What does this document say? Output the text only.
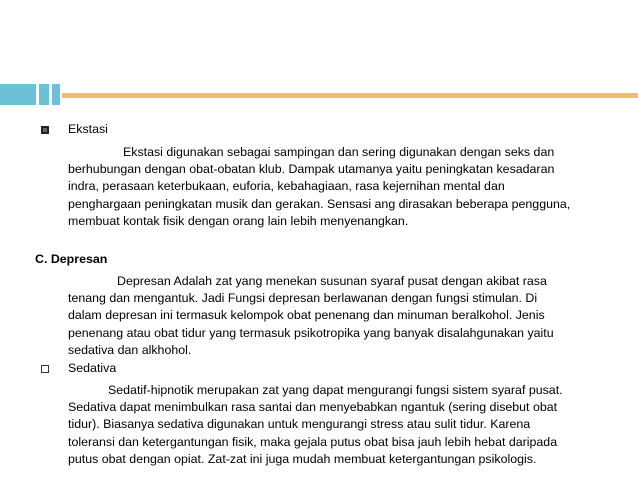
Ekstasi
Ekstasi digunakan sebagai sampingan dan sering digunakan dengan seks dan
berhubungan dengan obat-obatan klub. Dampak utamanya yaitu peningkatan kesadaran
indra, perasaan keterbukaan, euforia, kebahagiaan, rasa kejernihan mental dan
penghargaan peningkatan musik dan gerakan. Sensasi ang dirasakan beberapa pengguna,
membuat kontak fisik dengan orang lain lebih menyenangkan.
C. Depresan
Depresan Adalah zat yang menekan susunan syaraf pusat dengan akibat rasa
tenang dan mengantuk. Jadi Fungsi depresan berlawanan dengan fungsi stimulan. Di
dalam depresan ini termasuk kelompok obat penenang dan minuman beralkohol. Jenis
penenang atau obat tidur yang termasuk psikotropika yang banyak disalahgunakan yaitu
sedativa dan alkhohol.
Sedativa
Sedatif-hipnotik merupakan zat yang dapat mengurangi fungsi sistem syaraf pusat.
Sedativa dapat menimbulkan rasa santai dan menyebabkan ngantuk (sering disebut obat
tidur). Biasanya sedativa digunakan untuk mengurangi stress atau sulit tidur. Karena
toleransi dan ketergantungan fisik, maka gejala putus obat bisa jauh lebih hebat daripada
putus obat dengan opiat. Zat-zat ini juga mudah membuat ketergantungan psikologis.
